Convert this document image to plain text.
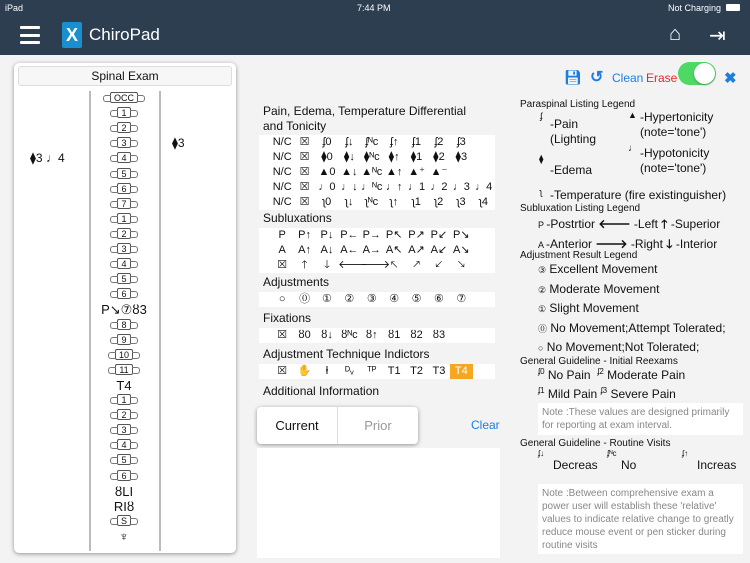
iPad	7:44 PM	Not Charging
X ChiroPad	⌂ ⇥
Spinal Exam
⧫3 ♩4
⧫3
OCC
1
2
3
4
5
6
7
1
2
3
4
5
6
P↘⑦ȣ3
8
9
10
11
T4
1
2
3
4
5
6
ȣLI
RIȣ
S
♆
💾︎ ↺ Clean Erase	✖
Pain, Edema, Temperature Differential and Tonicity
N/C ☒	ʄ0	ʄ↓	ʄᴺc	ʄ↑	ʄ1	ʄ2	ʄ3
N/C ☒	⧫0	⧫↓ ⧫ᴺc ⧫↑	⧫1 ⧫2 ⧫3
N/C ☒ ▲0 ▲↓ ▲ᴺc ▲↑ ▲⁺ ▲⁻
N/C ☒ ♩0 ♩↓ ♩ᴺc ♩↑ ♩1 ♩2 ♩3 ♩4
N/C ☒	ʅ0	ʅ↓	ʅᴺc	ʅ↑	ʅ1	ʅ2	ʅ3	ʅ4
Subluxations
P	P↑ P↓ P← P→ P↖ P↗ P↙ P↘
A	A↑ A↓ A← A→ A↖ A↗ A↙ A↘
☒	🡑	🡓 🡐
🡒 🡔	🡕	🡗	🡖
Adjustments
○	⓪	①	②	③	④	⑤	⑥	⑦
Fixations
☒	ȣ0 ȣ↓ ȣᴺc ȣ↑ ȣ1 ȣ2 ȣ3
Adjustment Technique Indictors
☒ ✋	ⱡ	ᴰᵥ	ᵀᴾ	T1 T2 T3 T4
Additional Information
Current	Prior	Clear
Paraspinal Listing Legend
ʄ
-Pain (Lighting
▲ -Hypertonicity (note='tone')
♩ -Hypotonicity (note='tone')
⧫
-Edema
ʅ -Temperature (fire existinguisher)
Subluxation Listing Legend
P -Postrtior 🡐 -Left 🡑 -Superior
A -Anterior 🡒 -Right 🡓 -Interior
Adjustment Result Legend
③ Excellent Movement
② Moderate Movement
① Slight Movement
⓪ No Movement;Attempt Tolerated;
○ No Movement;Not Tolerated;
General Guideline - Initial Reexams
$^{ʄ0}$ No Pain $^{ʄ2}$ Moderate Pain
$^{ʄ1}$ Mild Pain $^{ʄ3}$ Severe Pain
Note :These values are designed primarily for reporting at exam interval.
General Guideline - Routine Visits
ʄ↓
Decreas
ʄᴺc
No
ʄ↑
Increas
Note :Between comprehensive exam a power user will establish these 'relative' values to indicate relative change to greatly reduce mouse event or pen sticker during routine visits
